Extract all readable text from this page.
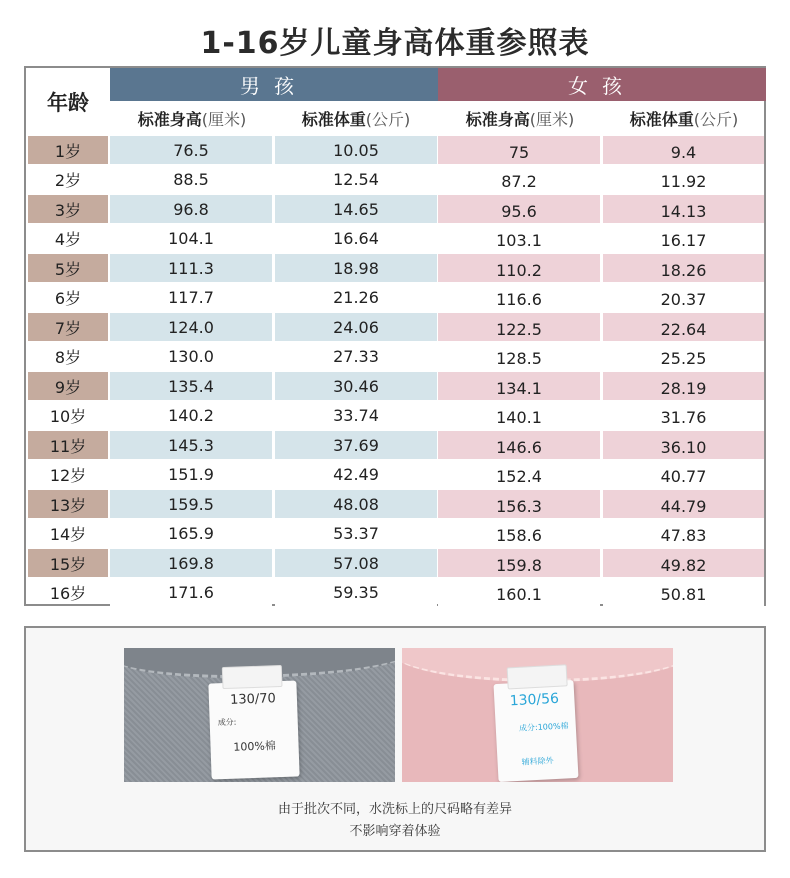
1-16岁儿童身高体重参照表
年龄
男孩	女孩
标准身高 (厘米)	标准体重 (公斤)	标准身高 (厘米)	标准体重 (公斤)
1岁	76.5	10.05	75	9.4
2岁	88.5	12.54	87.2	11.92
3岁	96.8	14.65	95.6	14.13
4岁	104.1	16.64	103.1	16.17
5岁	111.3	18.98	110.2	18.26
6岁	117.7	21.26	116.6	20.37
7岁	124.0	24.06	122.5	22.64
8岁	130.0	27.33	128.5	25.25
9岁	135.4	30.46	134.1	28.19
10岁	140.2	33.74	140.1	31.76
11岁	145.3	37.69	146.6	36.10
12岁	151.9	42.49	152.4	40.77
13岁	159.5	48.08	156.3	44.79
14岁	165.9	53.37	158.6	47.83
15岁	169.8	57.08	159.8	49.82
16岁	171.6	59.35	160.1	50.81
130/70
成分:
100%棉
130/56
成分:100%棉
辅料除外
由于批次不同，水洗标上的尺码略有差异
不影响穿着体验
